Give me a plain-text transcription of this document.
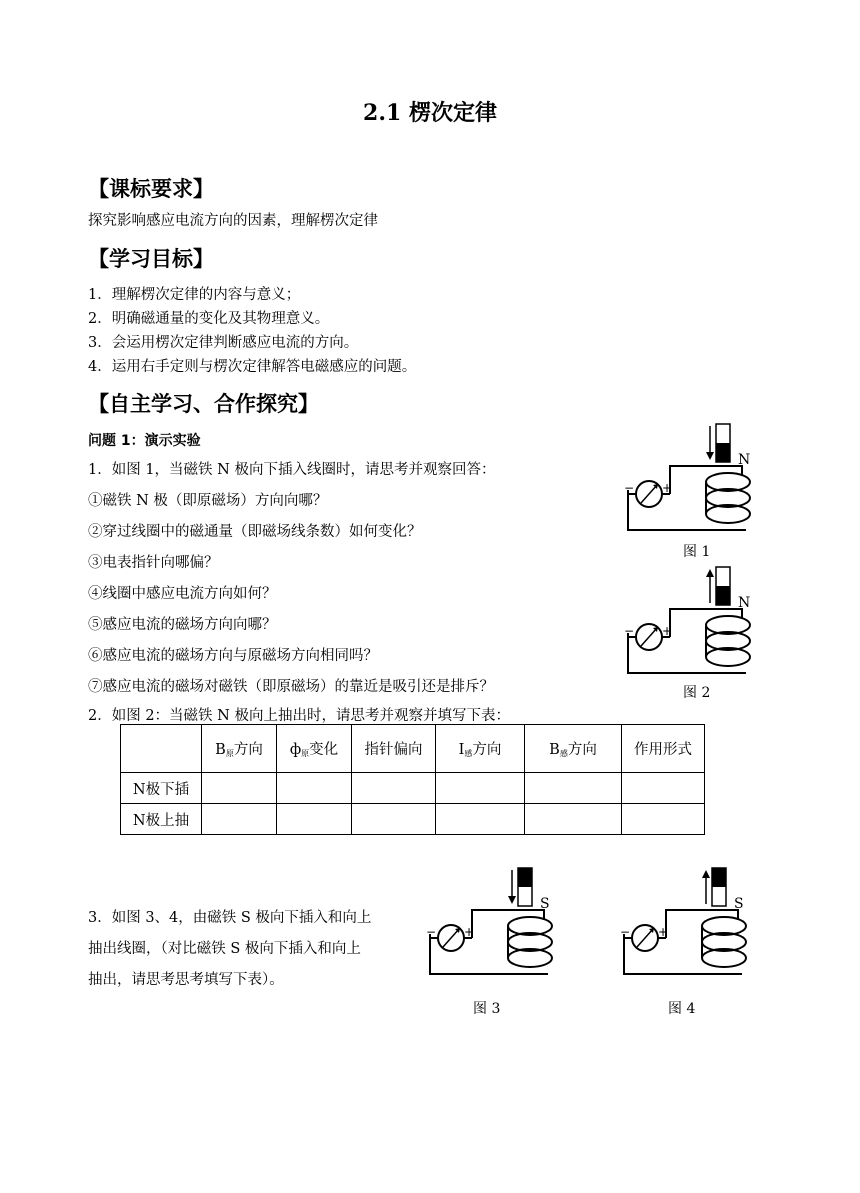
2.1 楞次定律
【课标要求】
探究影响感应电流方向的因素，理解楞次定律
【学习目标】
1．理解楞次定律的内容与意义；
2．明确磁通量的变化及其物理意义。
3．会运用楞次定律判断感应电流的方向。
4．运用右手定则与楞次定律解答电磁感应的问题。
【自主学习、合作探究】
问题 1：演示实验
1．如图 1，当磁铁 N 极向下插入线圈时，请思考并观察回答：
①磁铁 N 极（即原磁场）方向向哪？
②穿过线圈中的磁通量（即磁场线条数）如何变化？
③电表指针向哪偏？
④线圈中感应电流方向如何？
⑤感应电流的磁场方向向哪？
⑥感应电流的磁场方向与原磁场方向相同吗？
⑦感应电流的磁场对磁铁（即原磁场）的靠近是吸引还是排斥？
2．如图 2：当磁铁 N 极向上抽出时，请思考并观察并填写下表：
	$B_原$方向	$ф_原$变化	指针偏向	$I_感$方向	$B_感$方向	作用形式
N极下插						
N极上抽						
3．如图 3、4，由磁铁 S 极向下插入和向上
抽出线圈，（对比磁铁 S 极向下插入和向上
抽出，请思考思考填写下表）。
N
− +
图 1
N
− +
图 2
S
− +
图 3
S
− +
图 4
